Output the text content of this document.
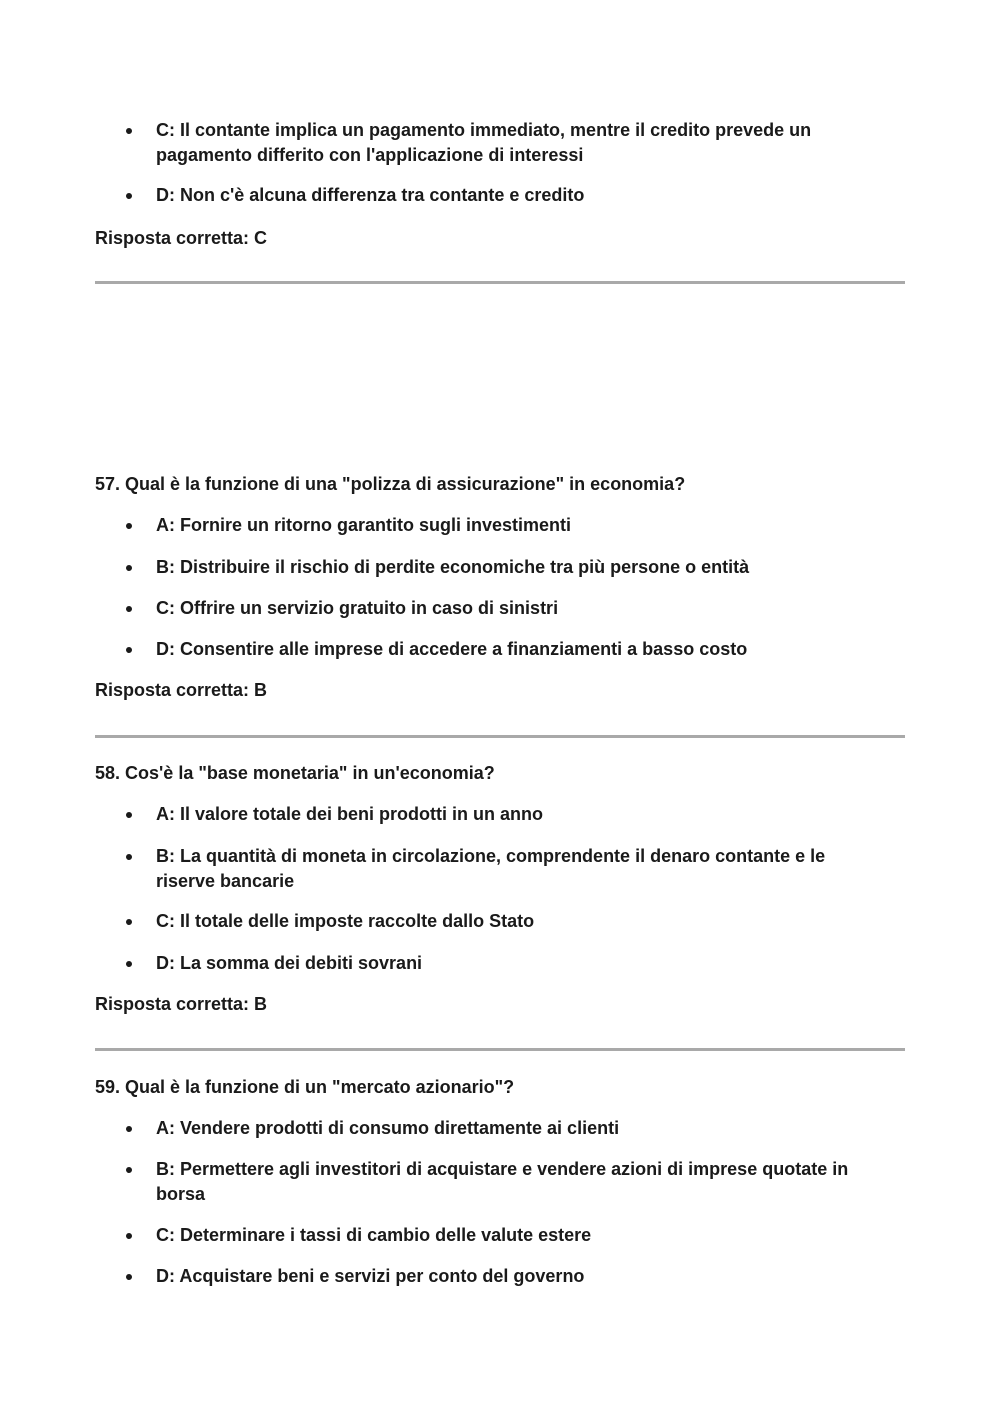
C: Il contante implica un pagamento immediato, mentre il credito prevede un pagamento differito con l'applicazione di interessi
D: Non c'è alcuna differenza tra contante e credito

Risposta corretta: C

57. Qual è la funzione di una "polizza di assicurazione" in economia?

A: Fornire un ritorno garantito sugli investimenti
B: Distribuire il rischio di perdite economiche tra più persone o entità
C: Offrire un servizio gratuito in caso di sinistri
D: Consentire alle imprese di accedere a finanziamenti a basso costo

Risposta corretta: B

58. Cos'è la "base monetaria" in un'economia?

A: Il valore totale dei beni prodotti in un anno
B: La quantità di moneta in circolazione, comprendente il denaro contante e le riserve bancarie
C: Il totale delle imposte raccolte dallo Stato
D: La somma dei debiti sovrani

Risposta corretta: B

59. Qual è la funzione di un "mercato azionario"?

A: Vendere prodotti di consumo direttamente ai clienti
B: Permettere agli investitori di acquistare e vendere azioni di imprese quotate in borsa
C: Determinare i tassi di cambio delle valute estere
D: Acquistare beni e servizi per conto del governo
